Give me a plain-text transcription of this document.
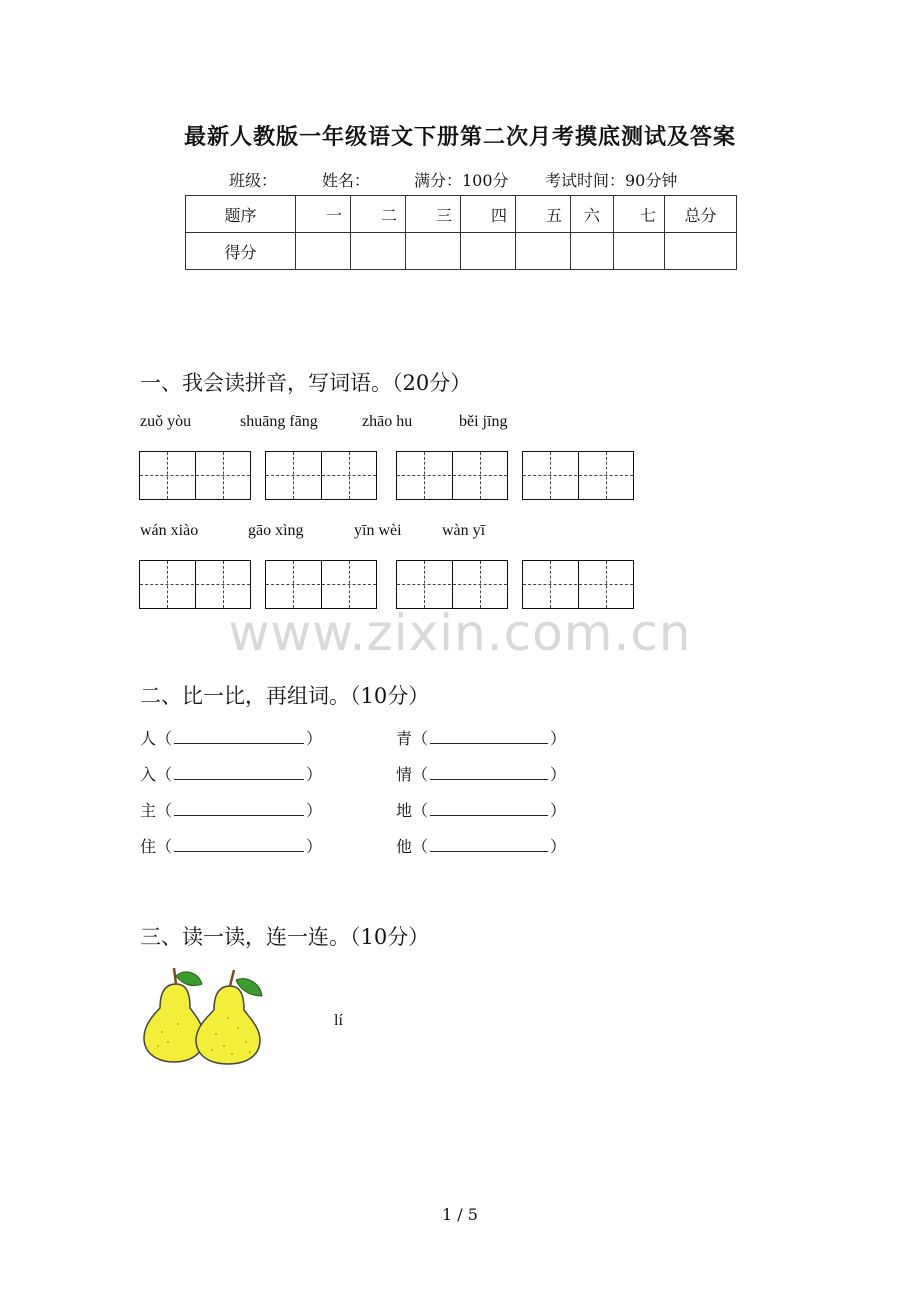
最新人教版一年级语文下册第二次月考摸底测试及答案
班级：	姓名：	满分：100分 考试时间：90分钟
题序	一	二	三	四	五	六	七	总分
得分								
一、我会读拼音，写词语。（20分）
zuǒ yòu	shuāng fāng	zhāo hu	běi jīng
wán xiào	gāo xìng	yīn wèi	wàn yī
www.zixin.com.cn
二、比一比，再组词。（10分）
人（	）	青（	）
入（	）	情（	）
主（	）	地（	）
住（	）	他（	）
三、读一读，连一连。（10分）
lí
1 / 5
